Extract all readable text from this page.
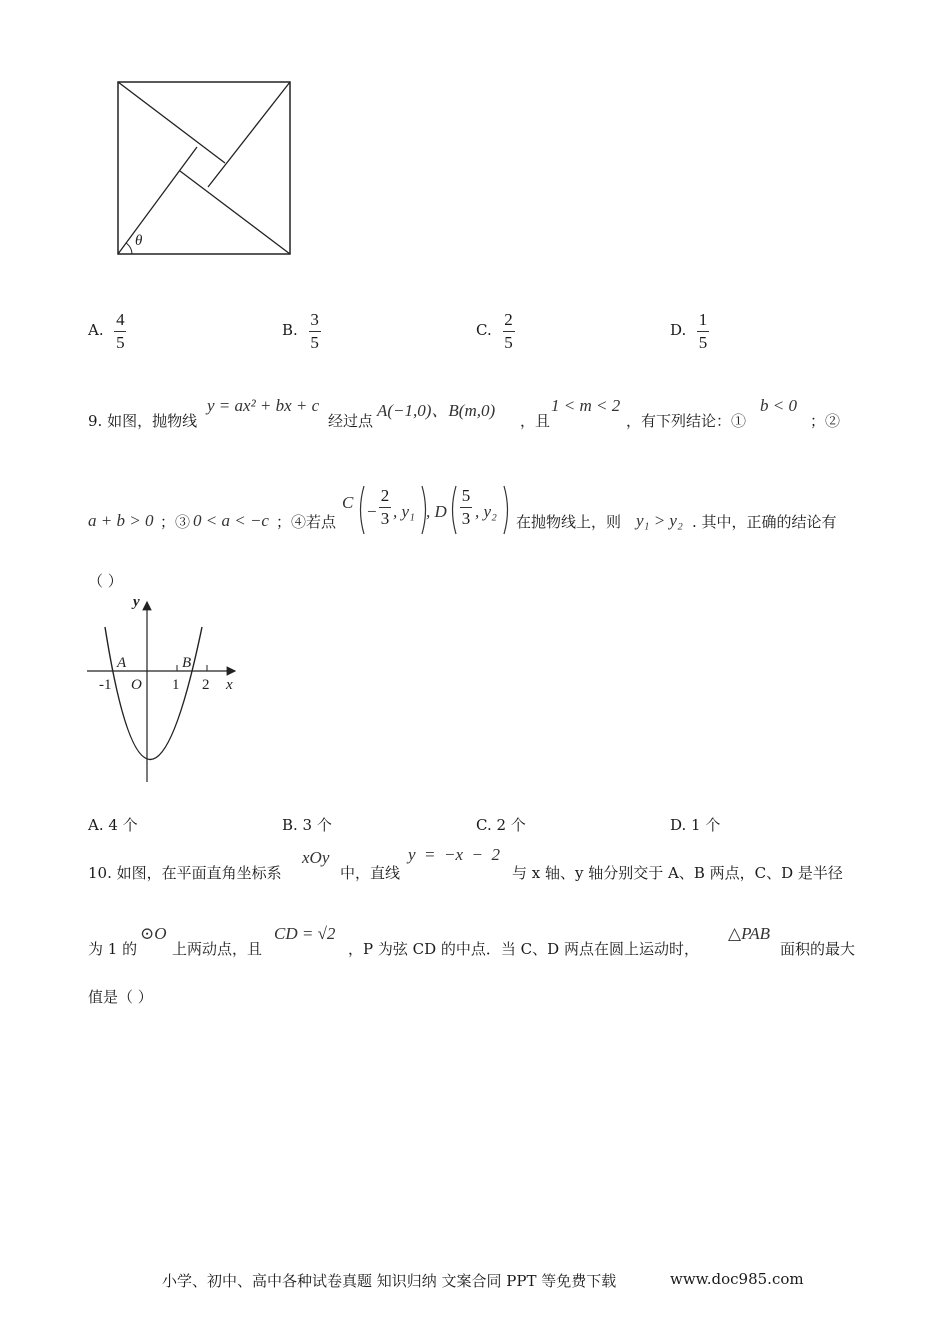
θ
A. $\frac{4}{5}$	B. $\frac{3}{5}$	C. $\frac{2}{5}$	D. $\frac{1}{5}$
9. 如图，抛物线
y = ax² + bx + c
经过点
A(−1,0)、B(m,0)
，且
1 < m < 2
，有下列结论：①
b < 0
；②
a + b > 0 ；③ 0 < a < −c ；④若点
C −
2
3 , y₁ , D
5
3 , y₂
在抛物线上，则 y₁ > y₂ . 其中，正确的结论有
（ ）
y
x
A	B
O
-1	1 2
A. 4 个	B. 3 个	C. 2 个	D. 1 个
10. 如图，在平面直角坐标系
xOy
中，直线
y  =  −x  −  2
与 x 轴、y 轴分别交于 A、B 两点，C、D 是半径
为 1 的
⊙O
上两动点，且
CD = √2
，P 为弦 CD 的中点．当 C、D 两点在圆上运动时，
△PAB
面积的最大
值是（ ）
小学、初中、高中各种试卷真题 知识归纳 文案合同 PPT 等免费下载	www.doc985.com
